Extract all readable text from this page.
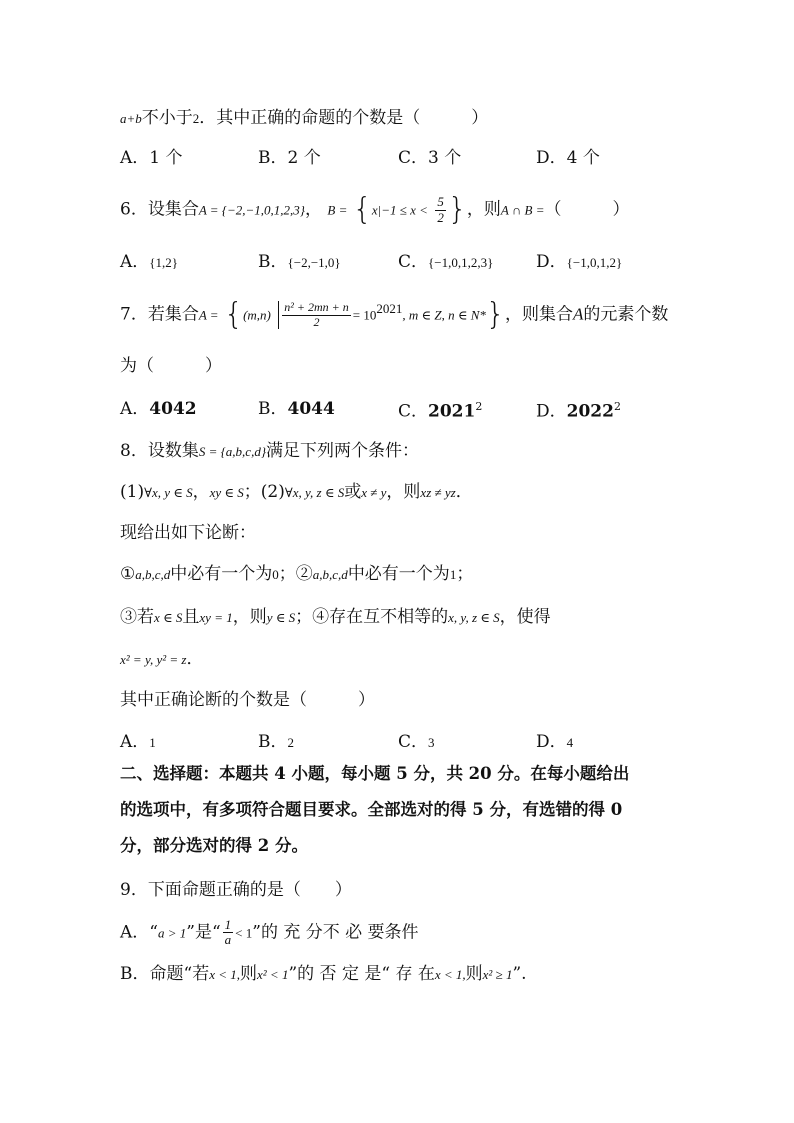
a+b不小于2．其中正确的命题的个数是（　　　）
A．1 个	B．2 个	C．3 个	D．4 个
6．设集合A = {−2,−1,0,1,2,3}， $B = \{x|-1 \le x < \frac{5}{2}$ }，则A ∩ B =（　　　）
A．{1,2}	B．{−2,−1,0}	C．{−1,0,1,2,3}	D．{−1,0,1,2}
7．若集合$A = \{(m,n) \frac{\text{n² + 2mn + n}}{2} = 10^{2021}$, m ∈ Z, n ∈ N*}，则集合A的元素个数
为（　　　）
A．4042	B．4044	C．2021$^2$	D．2022$^2$
8．设数集S = {a,b,c,d}满足下列两个条件：
(1)∀x, y ∈ S，xy ∈ S；(2)∀x, y, z ∈ S或x ≠ y，则xz ≠ yz．
现给出如下论断：
①a,b,c,d中必有一个为0；②a,b,c,d中必有一个为1；
③若x ∈ S且xy = 1，则y ∈ S；④存在互不相等的x, y, z ∈ S，使得
x² = y, y² = z．
其中正确论断的个数是（　　　）
A．1	B．2	C．3	D．4
二、选择题：本题共 4 小题，每小题 5 分，共 20 分。在每小题给出
的选项中，有多项符合题目要求。全部选对的得 5 分，有选错的得 0
分，部分选对的得 2 分。
9．下面命题正确的是（　　）
A．“a > 1”是“ $\frac{1}{a} < 1$”的 充 分不 必 要条件
B．命题“若x < 1,则x² < 1”的 否 定 是“ 存 在x < 1,则x² ≥ 1”.
